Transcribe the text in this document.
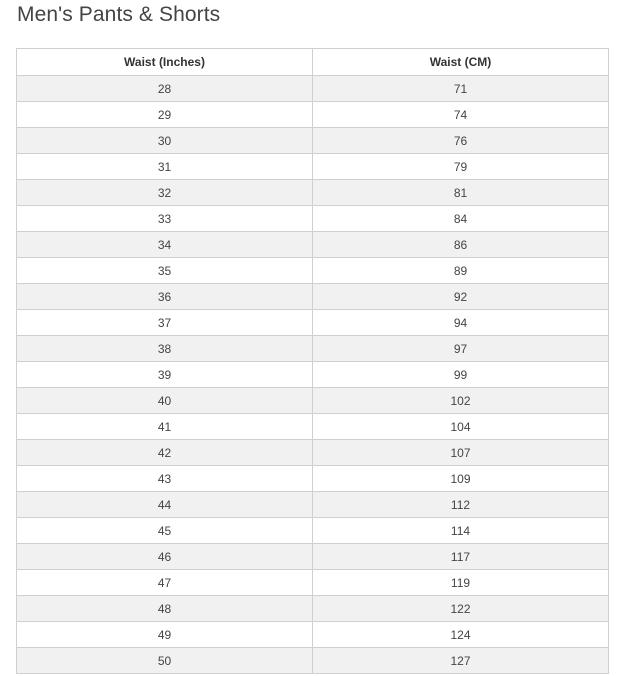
Men's Pants & Shorts
Waist (Inches)	Waist (CM)
28	71
29	74
30	76
31	79
32	81
33	84
34	86
35	89
36	92
37	94
38	97
39	99
40	102
41	104
42	107
43	109
44	112
45	114
46	117
47	119
48	122
49	124
50	127
